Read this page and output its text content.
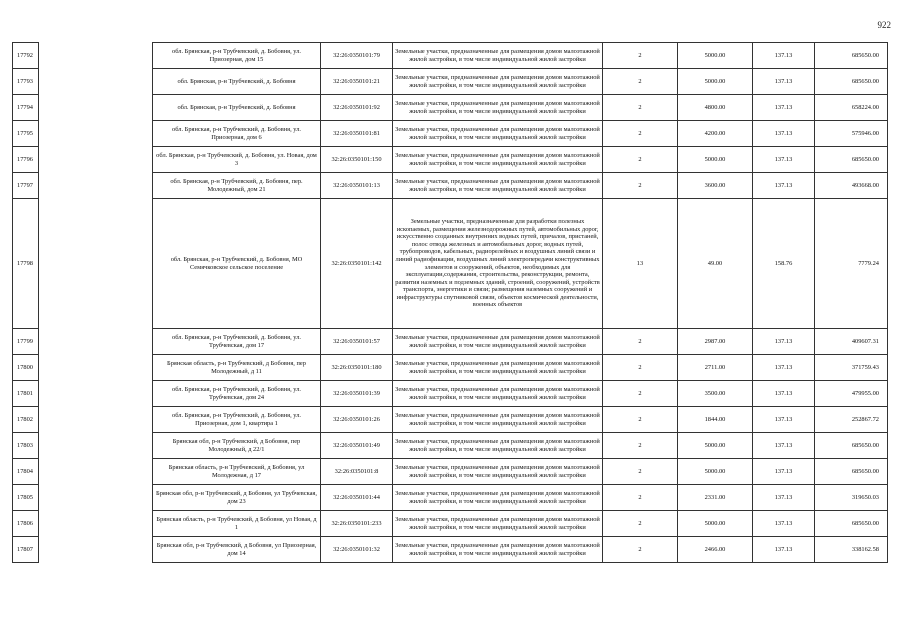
922
17792		обл. Брянская, р-н Трубчевский, д. Бобовня, ул. Приозерная, дом 15	32:26:0350101:79	Земельные участки, предназначенные для размещения домов малоэтажной жилой застройки, в том числе индивидуальной жилой застройки	2	5000.00	137.13	685650.00
17793		обл. Брянская, р-н Трубчевский, д. Бобовня	32:26:0350101:21	Земельные участки, предназначенные для размещения домов малоэтажной жилой застройки, в том числе индивидуальной жилой застройки	2	5000.00	137.13	685650.00
17794		обл. Брянская, р-н Трубчевский, д. Бобовня	32:26:0350101:92	Земельные участки, предназначенные для размещения домов малоэтажной жилой застройки, в том числе индивидуальной жилой застройки	2	4800.00	137.13	658224.00
17795		обл. Брянская, р-н Трубчевский, д. Бобовня, ул. Приозерная, дом 6	32:26:0350101:81	Земельные участки, предназначенные для размещения домов малоэтажной жилой застройки, в том числе индивидуальной жилой застройки	2	4200.00	137.13	575946.00
17796		обл. Брянская, р-н Трубчевский, д. Бобовня, ул. Новая, дом 3	32:26:0350101:150	Земельные участки, предназначенные для размещения домов малоэтажной жилой застройки, в том числе индивидуальной жилой застройки	2	5000.00	137.13	685650.00
17797		обл. Брянская, р-н Трубчевский, д. Бобовня, пер. Молодежный, дом 21	32:26:0350101:13	Земельные участки, предназначенные для размещения домов малоэтажной жилой застройки, в том числе индивидуальной жилой застройки	2	3600.00	137.13	493668.00
17798		обл. Брянская, р-н Трубчевский, д. Бобовня, МО Семячковское сельское поселение	32:26:0350101:142	Земельные участки, предназначенные для разработки полезных ископаемых, размещения железнодорожных путей, автомобильных дорог, искусственно созданных внутренних водных путей, причалов, пристаней, полос отвода железных и автомобильных дорог, водных путей, трубопроводов, кабельных, радиорелейных и воздушных линий связи и линий радиофикации, воздушных линий электропередачи конструктивных элементов и сооружений, объектов, необходимых для эксплуатации,содержания, строительства, реконструкции, ремонта, развития наземных и подземных зданий, строений, сооружений, устройств транспорта, энергетики и связи; размещения наземных сооружений и инфраструктуры спутниковой связи, объектов космической деятельности, военных объектов	13	49.00	158.76	7779.24
17799		обл. Брянская, р-н Трубчевский, д. Бобовня, ул. Трубчевская, дом 17	32:26:0350101:57	Земельные участки, предназначенные для размещения домов малоэтажной жилой застройки, в том числе индивидуальной жилой застройки	2	2987.00	137.13	409607.31
17800		Брянская область, р-н Трубчевский, д Бобовня, пер Молодежный, д 11	32:26:0350101:180	Земельные участки, предназначенные для размещения домов малоэтажной жилой застройки, в том числе индивидуальной жилой застройки	2	2711.00	137.13	371759.43
17801		обл. Брянская, р-н Трубчевский, д. Бобовня, ул. Трубчевская, дом 24	32:26:0350101:39	Земельные участки, предназначенные для размещения домов малоэтажной жилой застройки, в том числе индивидуальной жилой застройки	2	3500.00	137.13	479955.00
17802		обл. Брянская, р-н Трубчевский, д. Бобовня, ул. Приозерная, дом 1, квартира 1	32:26:0350101:26	Земельные участки, предназначенные для размещения домов малоэтажной жилой застройки, в том числе индивидуальной жилой застройки	2	1844.00	137.13	252867.72
17803		Брянская обл, р-н Трубчевский, д Бобовня, пер Молодежный, д 22/1	32:26:0350101:49	Земельные участки, предназначенные для размещения домов малоэтажной жилой застройки, в том числе индивидуальной жилой застройки	2	5000.00	137.13	685650.00
17804		Брянская область, р-н Трубчевский, д Бобовня, ул Молодежная, д 17	32:26:0350101:8	Земельные участки, предназначенные для размещения домов малоэтажной жилой застройки, в том числе индивидуальной жилой застройки	2	5000.00	137.13	685650.00
17805		Брянская обл, р-н Трубчевский, д Бобовня, ул Трубчевская, дом 23	32:26:0350101:44	Земельные участки, предназначенные для размещения домов малоэтажной жилой застройки, в том числе индивидуальной жилой застройки	2	2331.00	137.13	319650.03
17806		Брянская область, р-н Трубчевский, д Бобовня, ул Новая, д 1	32:26:0350101:233	Земельные участки, предназначенные для размещения домов малоэтажной жилой застройки, в том числе индивидуальной жилой застройки	2	5000.00	137.13	685650.00
17807		Брянская обл, р-н Трубчевский, д Бобовня, ул Приозерная, дом 14	32:26:0350101:32	Земельные участки, предназначенные для размещения домов малоэтажной жилой застройки, в том числе индивидуальной жилой застройки	2	2466.00	137.13	338162.58
